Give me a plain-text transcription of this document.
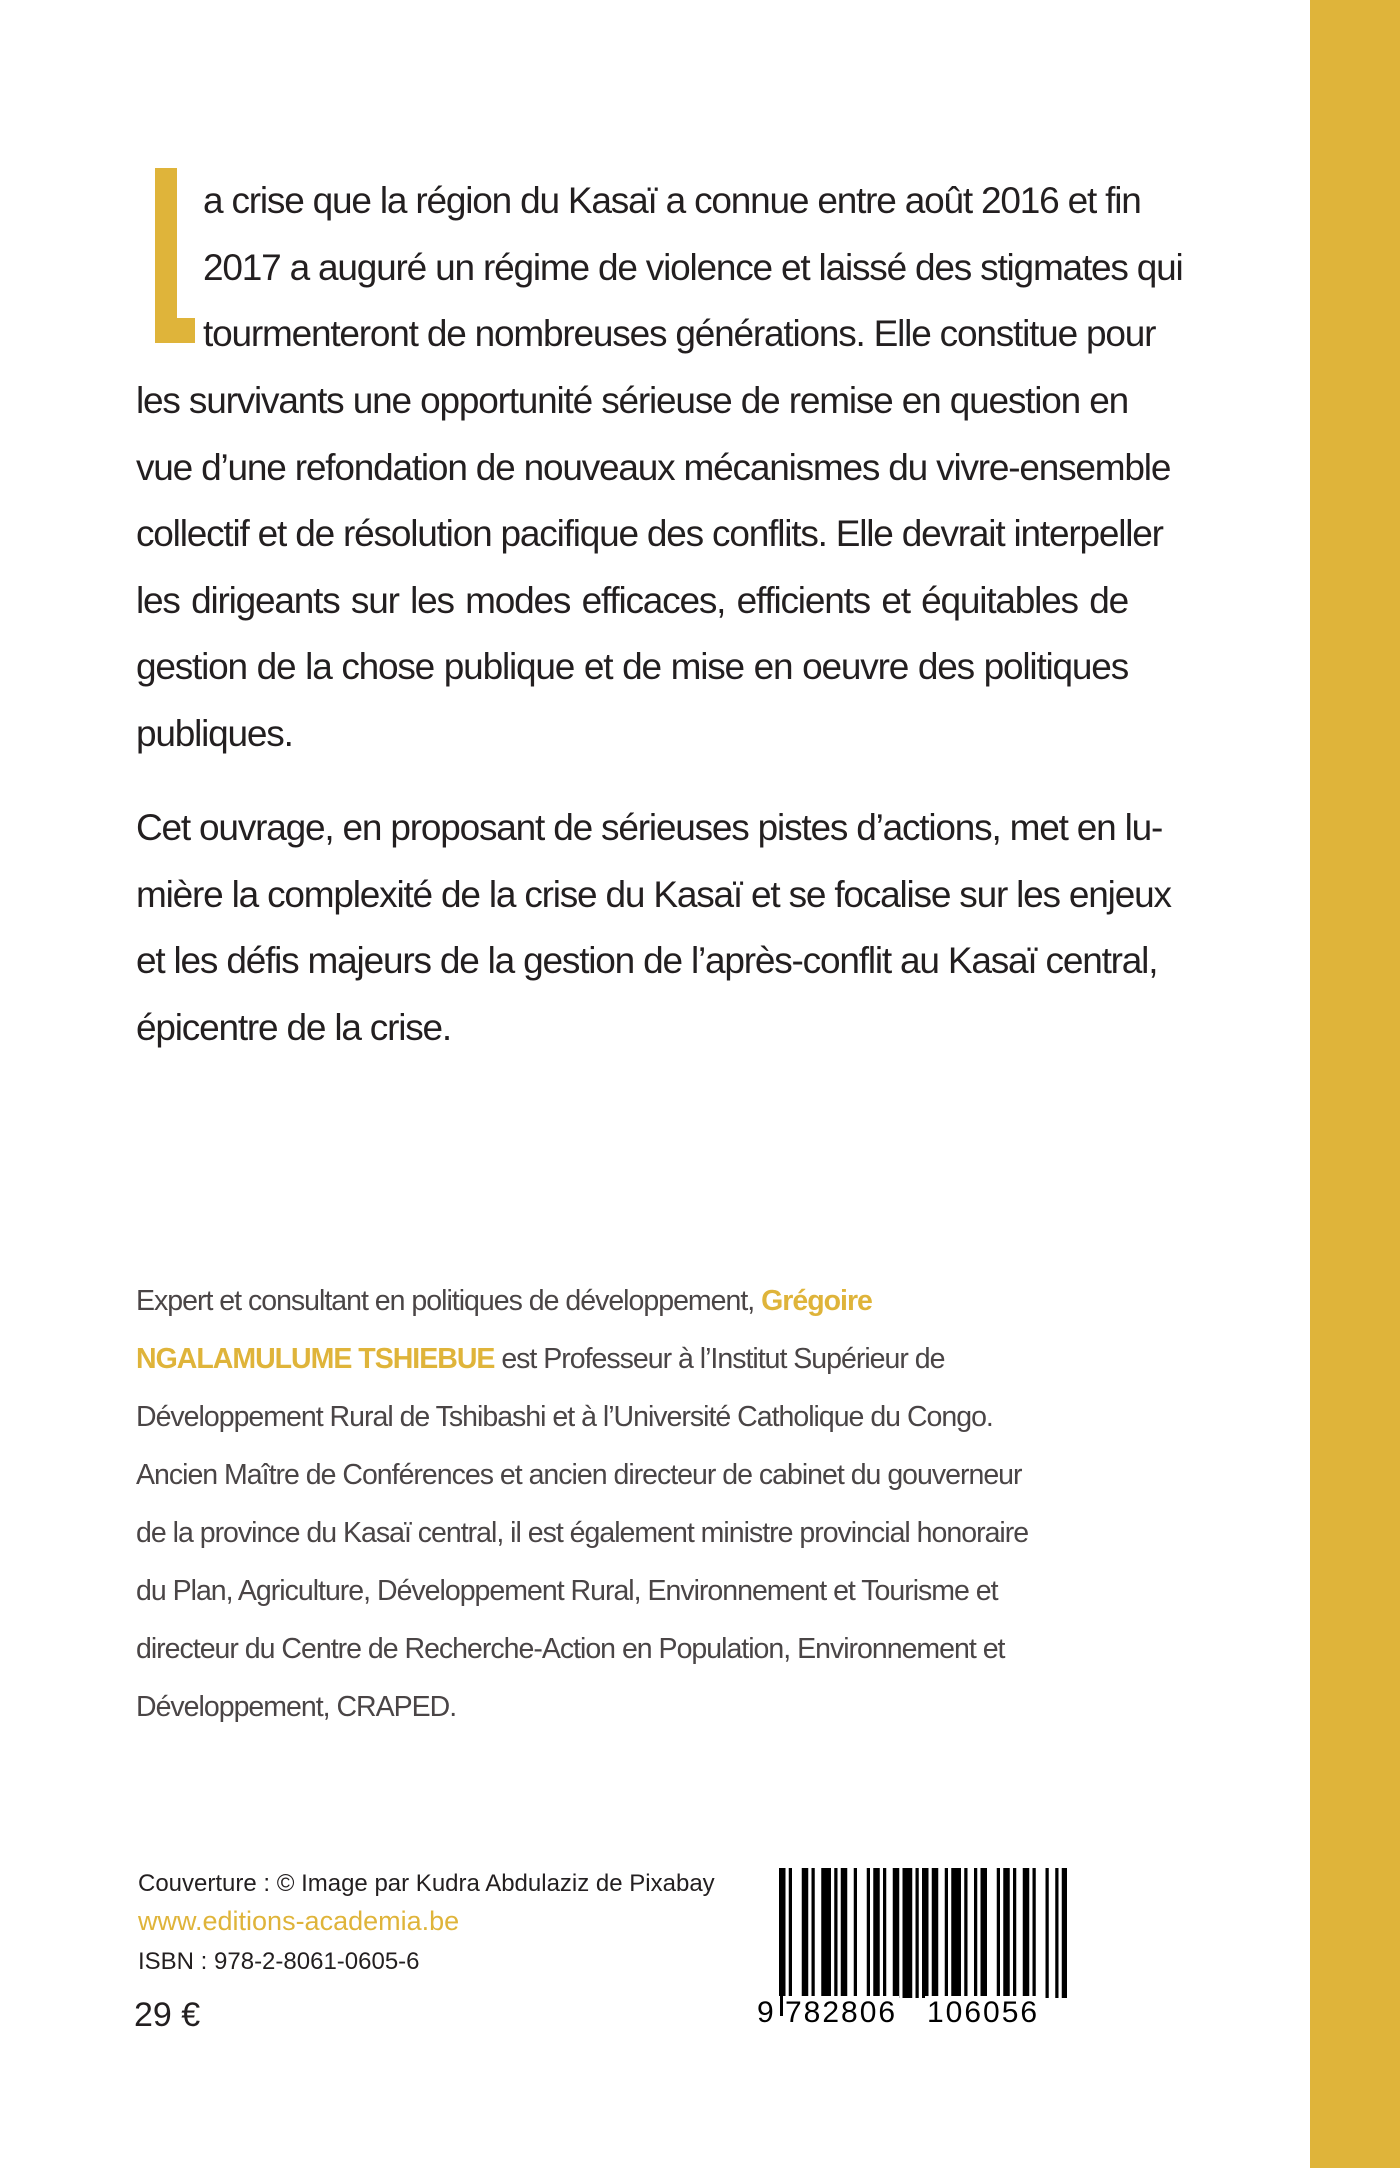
a crise que la région du Kasaï a connue entre août 2016 et fin
2017 a auguré un régime de violence et laissé des stigmates qui
tourmenteront de nombreuses générations. Elle constitue pour

les survivants une opportunité sérieuse de remise en question en
vue d’une refondation de nouveaux mécanismes du vivre-ensemble
collectif et de résolution pacifique des conflits. Elle devrait interpeller
les dirigeants sur les modes efficaces, efficients et équitables de
gestion de la chose publique et de mise en oeuvre des politiques
publiques.

Cet ouvrage, en proposant de sérieuses pistes d’actions, met en lu-
mière la complexité de la crise du Kasaï et se focalise sur les enjeux
et les défis majeurs de la gestion de l’après-conflit au Kasaï central,
épicentre de la crise.

Expert et consultant en politiques de développement, Grégoire NGALAMULUME TSHIEBUE est Professeur à l’Institut Supérieur de Développement Rural de Tshibashi et à l’Université Catholique du Congo. Ancien Maître de Conférences et ancien directeur de cabinet du gouverneur de la province du Kasaï central, il est également ministre provincial honoraire du Plan, Agriculture, Développement Rural, Environnement et Tourisme et directeur du Centre de Recherche-Action en Population, Environnement et Développement, CRAPED.

Couverture : © Image par Kudra Abdulaziz de Pixabay

www.editions-academia.be

ISBN : 978-2-8061-0605-6

29 €	9 782806 106056
